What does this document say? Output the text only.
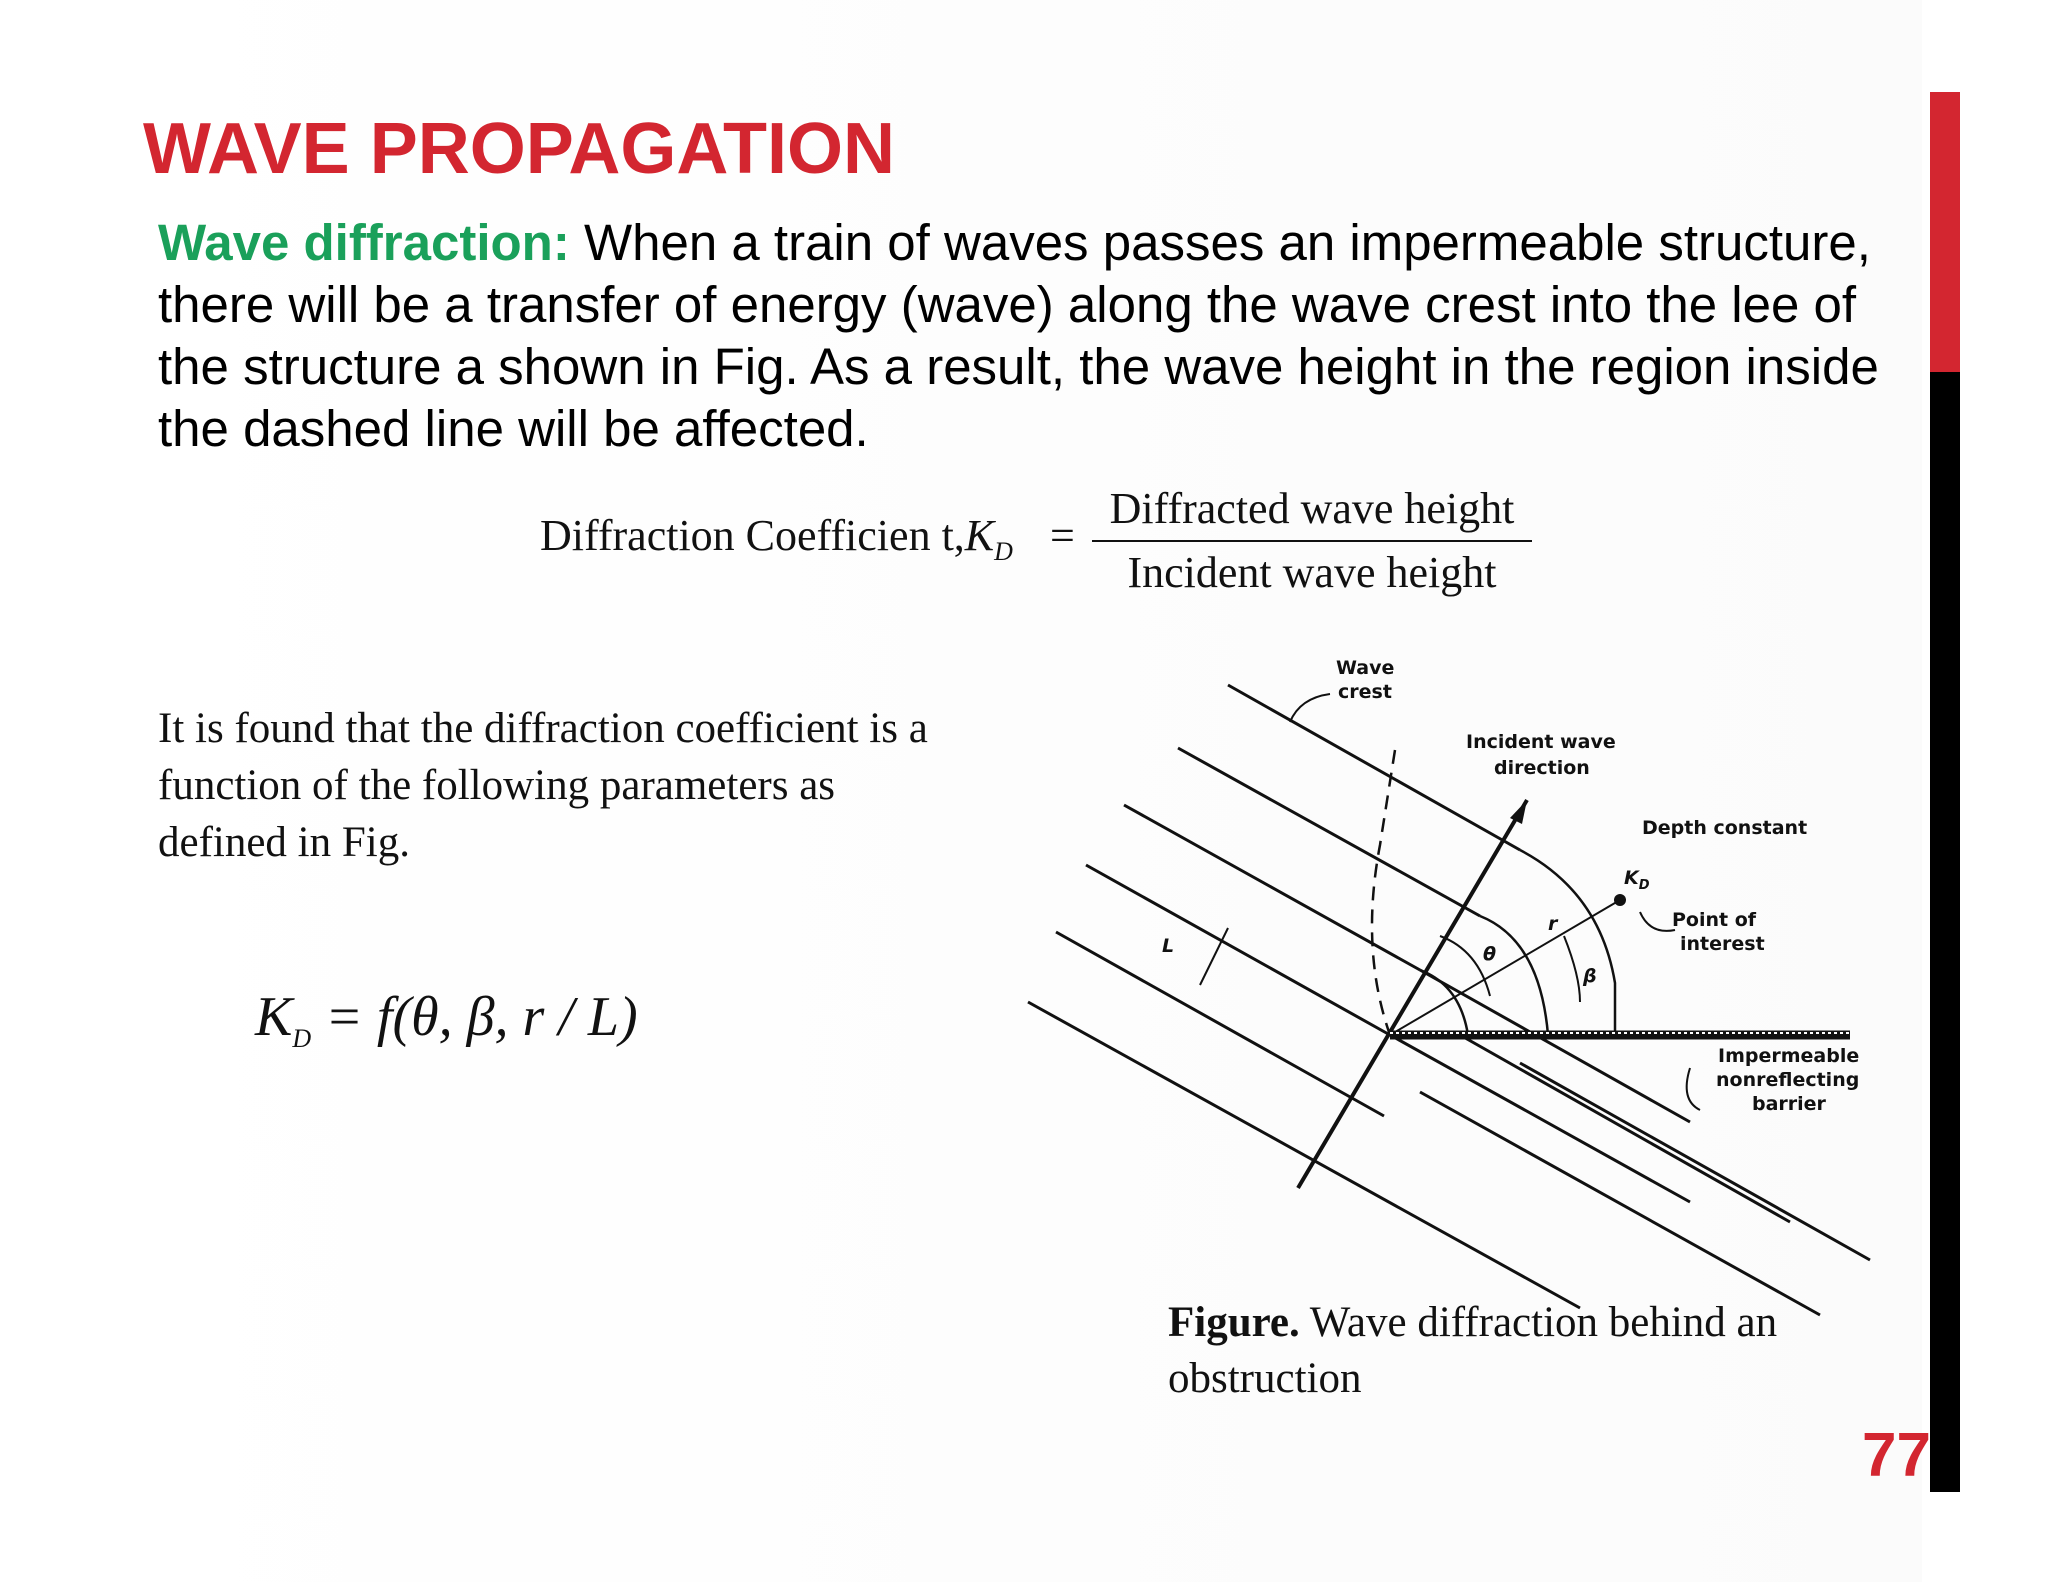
WAVE PROPAGATION
Wave diffraction: When a train of waves passes an impermeable structure, there will be a transfer of energy (wave) along the wave crest into the lee of the structure a shown in Fig. As a result, the wave height in the region inside the dashed line will be affected.
Diffraction Coefficien $t,K_D$ =
Diffracted wave height
Incident wave height
It is found that the diffraction coefficient is a function of the following parameters as defined in Fig.
$K_D = f(\theta$, β, r / L)
Wave
crest
Incident wave
direction
Depth constant
$K_D$
Point of
interest
Impermeable
nonreflecting
barrier
L
r
θ
β
Figure. Wave diffraction behind an obstruction
77
